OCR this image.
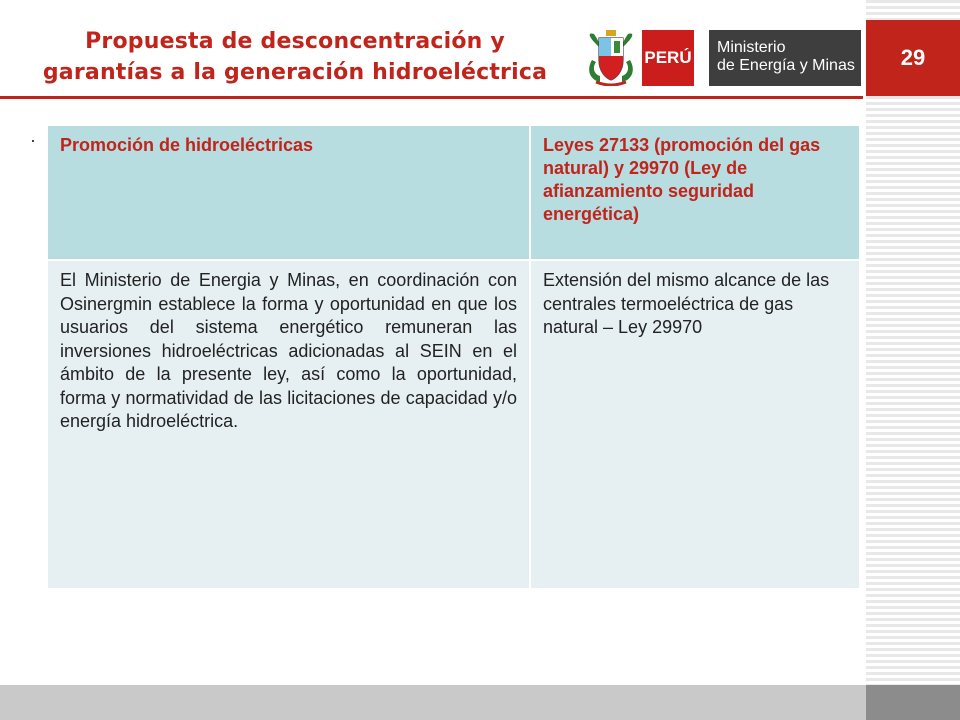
29
Propuesta de desconcentración y
garantías a la generación hidroeléctrica
PERÚ
Ministerio
de Energía y Minas
·	Promoción de hidroeléctricas	Leyes 27133 (promoción del gas natural) y 29970 (Ley de afianzamiento seguridad energética)
El Ministerio de Energia y Minas, en coordinación con Osinergmin establece la forma y oportunidad en que los usuarios del sistema energético remuneran las inversiones hidroeléctricas adicionadas al SEIN en el ámbito de la presente ley, así como la oportunidad, forma y normatividad de las licitaciones de capacidad y/o energía hidroeléctrica.
Extensión del mismo alcance de las centrales termoeléctrica de gas natural – Ley 29970
